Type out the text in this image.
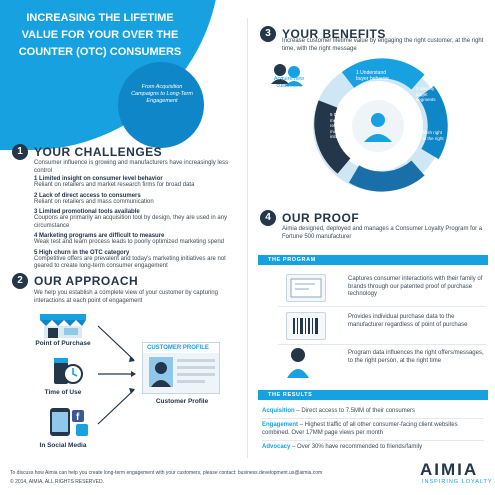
INCREASING THE LIFETIME VALUE FOR YOUR OVER THE COUNTER (OTC) CONSUMERS
From Acquisition Campaigns to Long-Term Engagement
1 YOUR CHALLENGES
Consumer influence is growing and manufacturers have increasingly less control
1 Limited insight on consumer level behavior
Reliant on retailers and market research firms for broad data
2 Lack of direct access to consumers
Reliant on retailers and mass communication
3 Limited promotional tools available
Coupons are primarily an acquisition tool by design, they are used in any circumstance
4 Marketing programs are difficult to measure
Weak test and learn process leads to poorly optimized marketing spend
5 High churn in the OTC category
Competitive offers are prevalent and today's marketing initiatives are not geared to create long-term consumer engagement
2 OUR APPROACH
We help you establish a complete view of your customer by capturing interactions at each point of engagement
Point of Purchase
Time of Use
f
In Social Media
CUSTOMER PROFILE
Customer Profile
3 YOUR BENEFITS
Increase customer lifetime value by engaging the right customer, at the right time, with the right message
Acquire new customers
1 Understand buyer behavior
2 Identify target segments
3 Establish right offers at the right time
4 Create direct dialogue
5 Deploy and measure relevant marketing initiatives
4 OUR PROOF
Aimia designed, deployed and manages a Consumer Loyalty Program for a Fortune 500 manufacturer
THE PROGRAM
Captures consumer interactions with their family of brands through our patented proof of purchase technology
Provides individual purchase data to the manufacturer regardless of point of purchase
Program data influences the right offers/messages, to the right person, at the right time
THE RESULTS
Acquisition – Direct access to 7.5MM of their consumers
Engagement – Highest traffic of all other consumer-facing client websites combined. Over 17MM page views per month
Advocacy – Over 30% have recommended to friends/family
To discuss how Aimia can help you create long-term engagement with your customers, please contact: business.development.us@aimia.com
© 2014, AIMIA. ALL RIGHTS RESERVED.
AIMIA
INSPIRING LOYALTY
